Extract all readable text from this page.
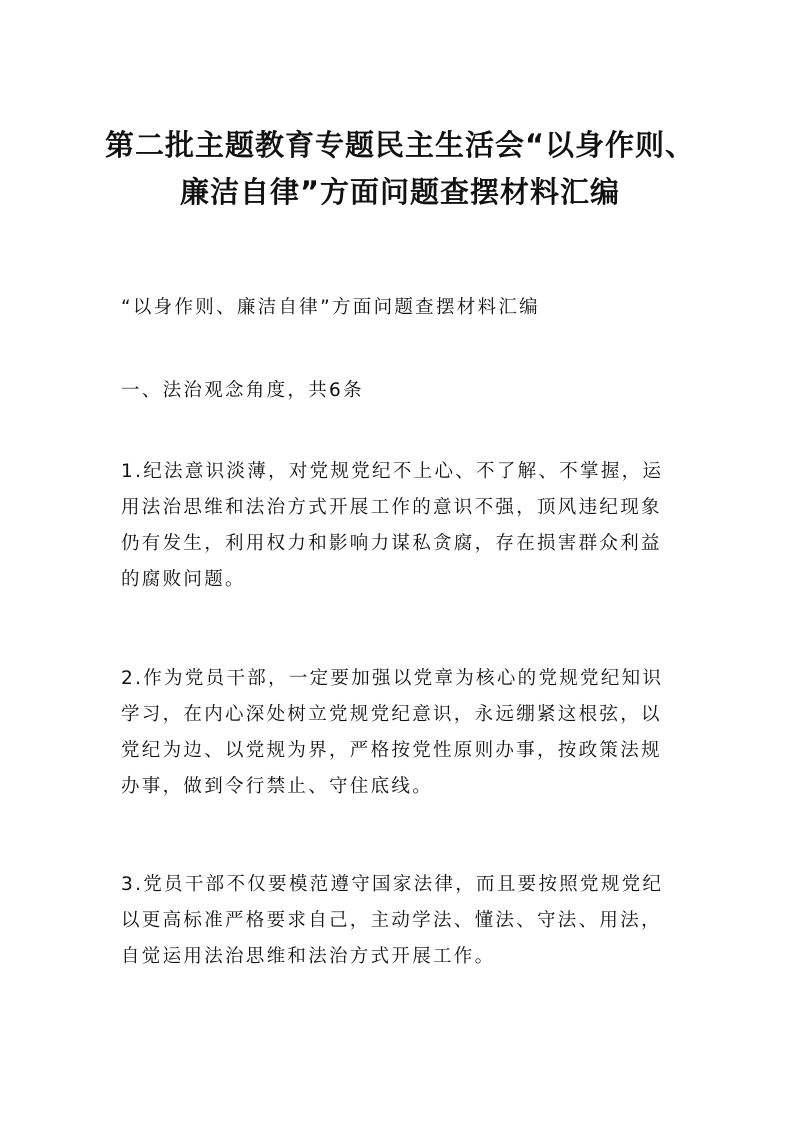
第二批主题教育专题民主生活会“以身作则、
廉洁自律”方面问题查摆材料汇编

“以身作则、廉洁自律”方面问题查摆材料汇编

一、法治观念角度，共6条

1.纪法意识淡薄，对党规党纪不上心、不了解、不掌握，运
用法治思维和法治方式开展工作的意识不强，顶风违纪现象
仍有发生，利用权力和影响力谋私贪腐，存在损害群众利益
的腐败问题。
2.作为党员干部，一定要加强以党章为核心的党规党纪知识
学习，在内心深处树立党规党纪意识，永远绷紧这根弦，以
党纪为边、以党规为界，严格按党性原则办事，按政策法规
办事，做到令行禁止、守住底线。
3.党员干部不仅要模范遵守国家法律，而且要按照党规党纪
以更高标准严格要求自己，主动学法、懂法、守法、用法，
自觉运用法治思维和法治方式开展工作。
